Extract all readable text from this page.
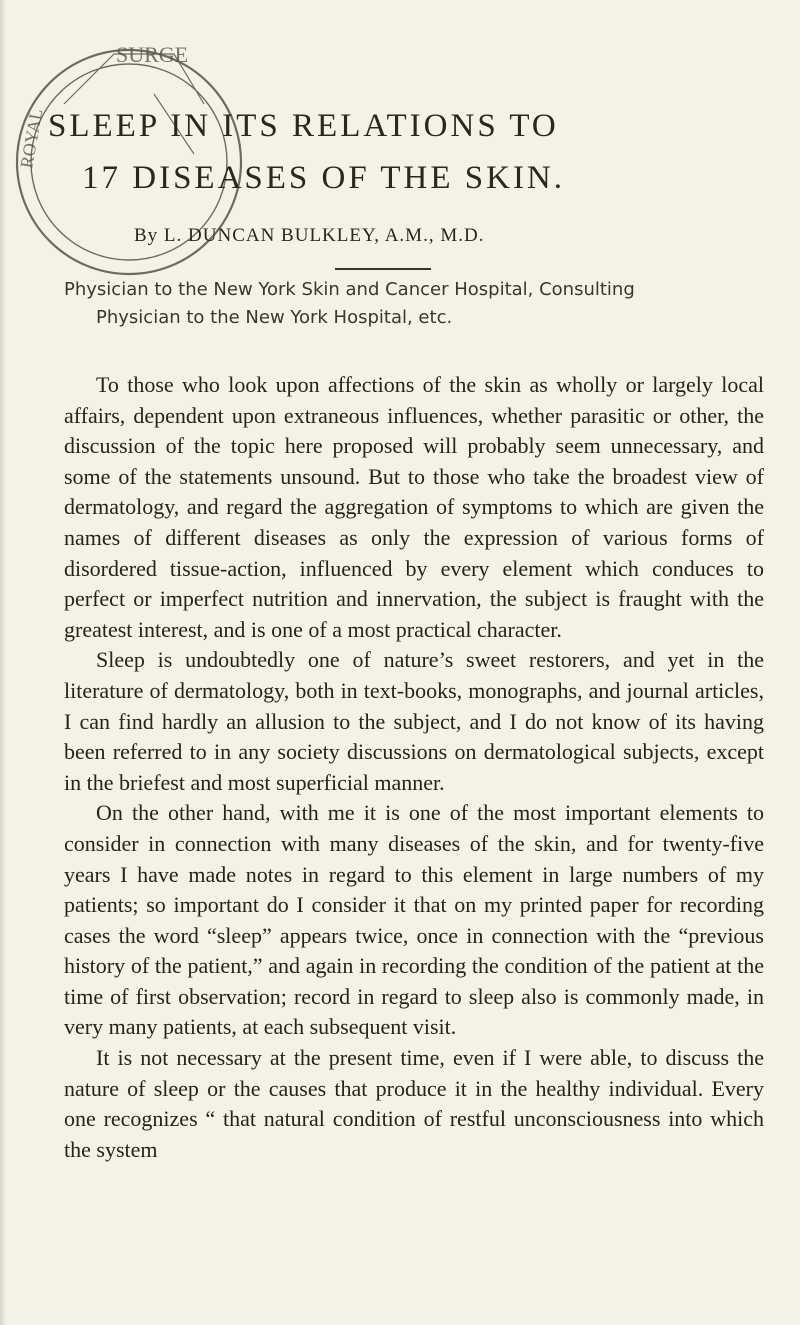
SURGE
ROYAL SLEEP IN ITS RELATIONS TO
17 DISEASES OF THE SKIN.
By L. DUNCAN BULKLEY, A.M., M.D.
Physician to the New York Skin and Cancer Hospital, Consulting
Physician to the New York Hospital, etc.

To those who look upon affections of the skin as wholly or largely local affairs, dependent upon extraneous influences, whether parasitic or other, the discussion of the topic here proposed will probably seem unnecessary, and some of the statements unsound. But to those who take the broadest view of dermatology, and regard the aggregation of symptoms to which are given the names of different diseases as only the expression of various forms of disordered tissue-action, influenced by every element which conduces to perfect or imperfect nutrition and innervation, the subject is fraught with the greatest interest, and is one of a most practical character.

Sleep is undoubtedly one of nature’s sweet restorers, and yet in the literature of dermatology, both in text-books, monographs, and journal articles, I can find hardly an allusion to the subject, and I do not know of its having been referred to in any society discussions on dermatological subjects, except in the briefest and most superficial manner.

On the other hand, with me it is one of the most important elements to consider in connection with many diseases of the skin, and for twenty-five years I have made notes in regard to this element in large numbers of my patients; so important do I consider it that on my printed paper for recording cases the word “sleep” appears twice, once in connection with the “previous history of the patient,” and again in recording the condition of the patient at the time of first observation; record in regard to sleep also is commonly made, in very many patients, at each subsequent visit.

It is not necessary at the present time, even if I were able, to discuss the nature of sleep or the causes that produce it in the healthy individual. Every one recognizes “ that natural condition of restful unconsciousness into which the system
